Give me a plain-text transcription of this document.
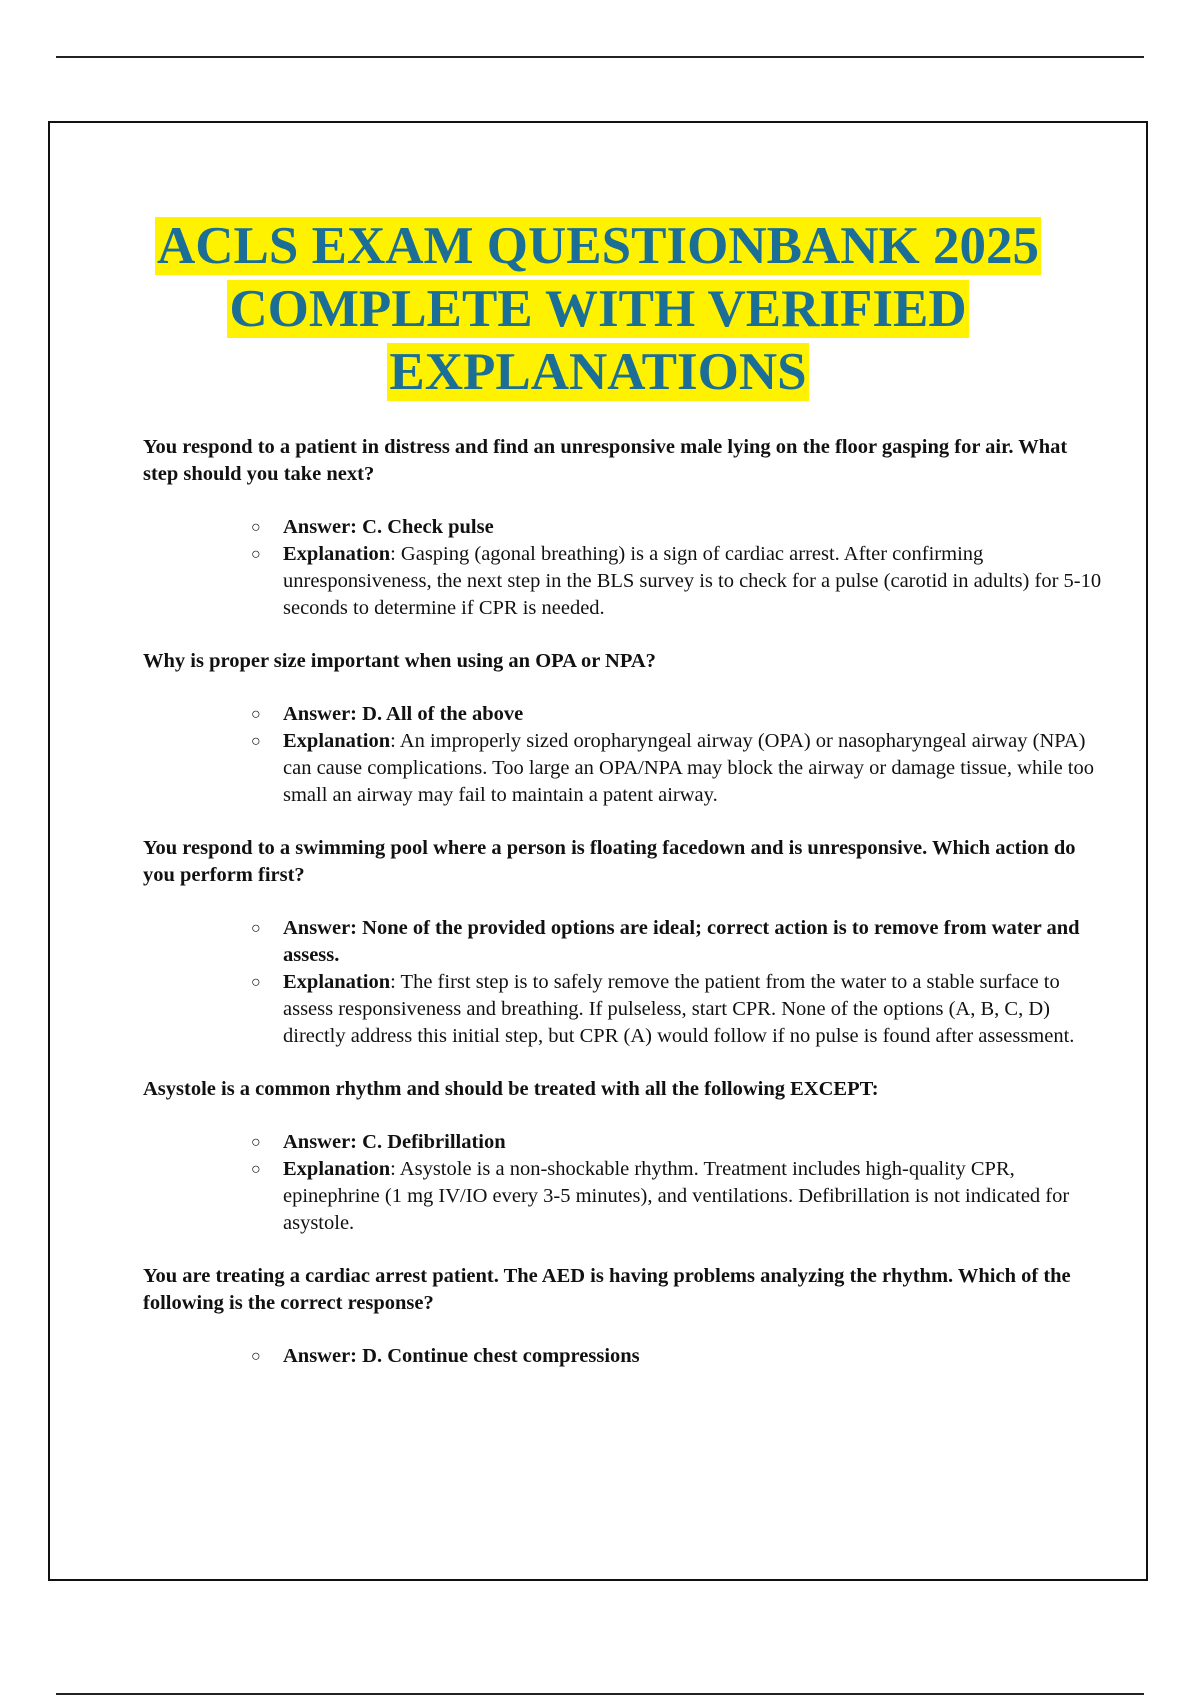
ACLS EXAM QUESTIONBANK 2025
COMPLETE WITH VERIFIED
EXPLANATIONS

You respond to a patient in distress and find an unresponsive male lying on the floor gasping for air. What step should you take next?

○ Answer: C. Check pulse
○ Explanation: Gasping (agonal breathing) is a sign of cardiac arrest. After confirming unresponsiveness, the next step in the BLS survey is to check for a pulse (carotid in adults) for 5-10 seconds to determine if CPR is needed.

Why is proper size important when using an OPA or NPA?

○ Answer: D. All of the above
○ Explanation: An improperly sized oropharyngeal airway (OPA) or nasopharyngeal airway (NPA) can cause complications. Too large an OPA/NPA may block the airway or damage tissue, while too small an airway may fail to maintain a patent airway.

You respond to a swimming pool where a person is floating facedown and is unresponsive. Which action do you perform first?

○ Answer: None of the provided options are ideal; correct action is to remove from water and assess.
○ Explanation: The first step is to safely remove the patient from the water to a stable surface to assess responsiveness and breathing. If pulseless, start CPR. None of the options (A, B, C, D) directly address this initial step, but CPR (A) would follow if no pulse is found after assessment.

Asystole is a common rhythm and should be treated with all the following EXCEPT:

○ Answer: C. Defibrillation
○ Explanation: Asystole is a non-shockable rhythm. Treatment includes high-quality CPR, epinephrine (1 mg IV/IO every 3-5 minutes), and ventilations. Defibrillation is not indicated for asystole.

You are treating a cardiac arrest patient. The AED is having problems analyzing the rhythm. Which of the following is the correct response?

○ Answer: D. Continue chest compressions
